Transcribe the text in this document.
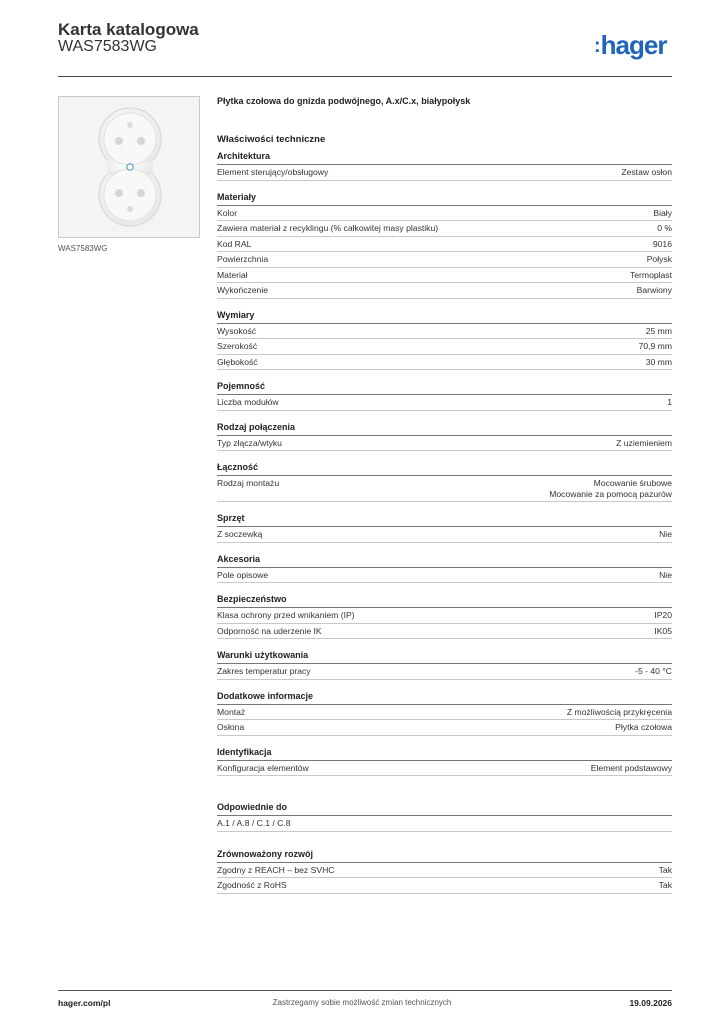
Karta katalogowa
WAS7583WG	:hager
WAS7583WG
Płytka czołowa do gnizda podwójnego, A.x/C.x, białypołysk
Właściwości techniczne
Architektura
Element sterujący/obsługowy	Zestaw osłon
Materiały
Kolor	Biały
Zawiera materiał z recyklingu (% całkowitej masy plastiku)	0 %
Kod RAL	9016
Powierzchnia	Połysk
Materiał	Termoplast
Wykończenie	Barwiony
Wymiary
Wysokość	25 mm
Szerokość	70,9 mm
Głębokość	30 mm
Pojemność
Liczba modułów	1
Rodzaj połączenia
Typ złącza/wtyku	Z uziemieniem
Łączność
Rodzaj montażu	Mocowanie śrubowe
Mocowanie za pomocą pazurów
Sprzęt
Z soczewką	Nie
Akcesoria
Pole opisowe	Nie
Bezpieczeństwo
Klasa ochrony przed wnikaniem (IP)	IP20
Odporność na uderzenie IK	IK05
Warunki użytkowania
Zakres temperatur pracy	-5 - 40 °C
Dodatkowe informacje
Montaż	Z możliwością przykręcenia
Osłona	Płytka czołowa
Identyfikacja
Konfiguracja elementów	Element podstawowy
Odpowiednie do
A.1 / A.8 / C.1 / C.8
Zrównoważony rozwój
Zgodny z REACH – bez SVHC	Tak
Zgodność z RoHS	Tak
hager.com/pl	Zastrzegamy sobie możliwość zmian technicznych	19.09.2026
